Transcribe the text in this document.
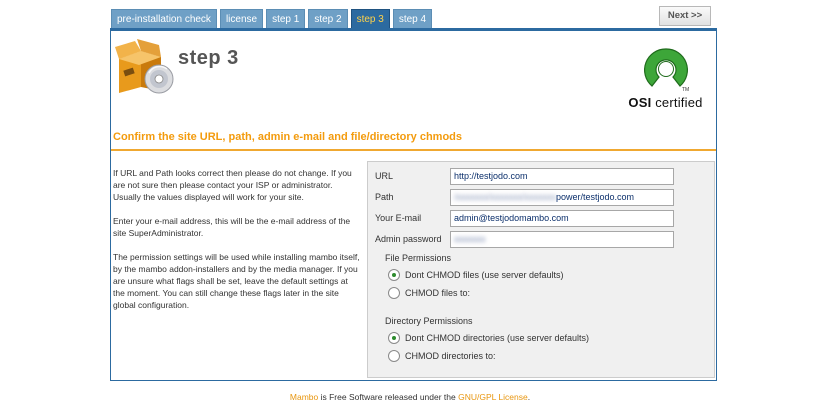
pre-installation check	license	step 1	step 2	step 3	step 4	Next >>
step 3
TM
OSI certified
Confirm the site URL, path, admin e-mail and file/directory chmods

If URL and Path looks correct then please do not change. If you are not sure then please contact your ISP or administrator. Usually the values displayed will work for your site.

Enter your e-mail address, this will be the e-mail address of the site SuperAdministrator.

The permission settings will be used while installing mambo itself, by the mambo addon-installers and by the media manager. If you are unsure what flags shall be set, leave the default settings at the moment. You can still change these flags later in the site global configuration.

URL	http://testjodo.com
Path	/xxxxxxx/xxxxxxx/xxxxxxxpower/testjodo.com
Your E-mail	admin@testjodomambo.com
Admin password	xxxxxxx
File Permissions
Dont CHMOD files (use server defaults)
CHMOD files to:
Directory Permissions
Dont CHMOD directories (use server defaults)
CHMOD directories to:
Mambo is Free Software released under the GNU/GPL License.
